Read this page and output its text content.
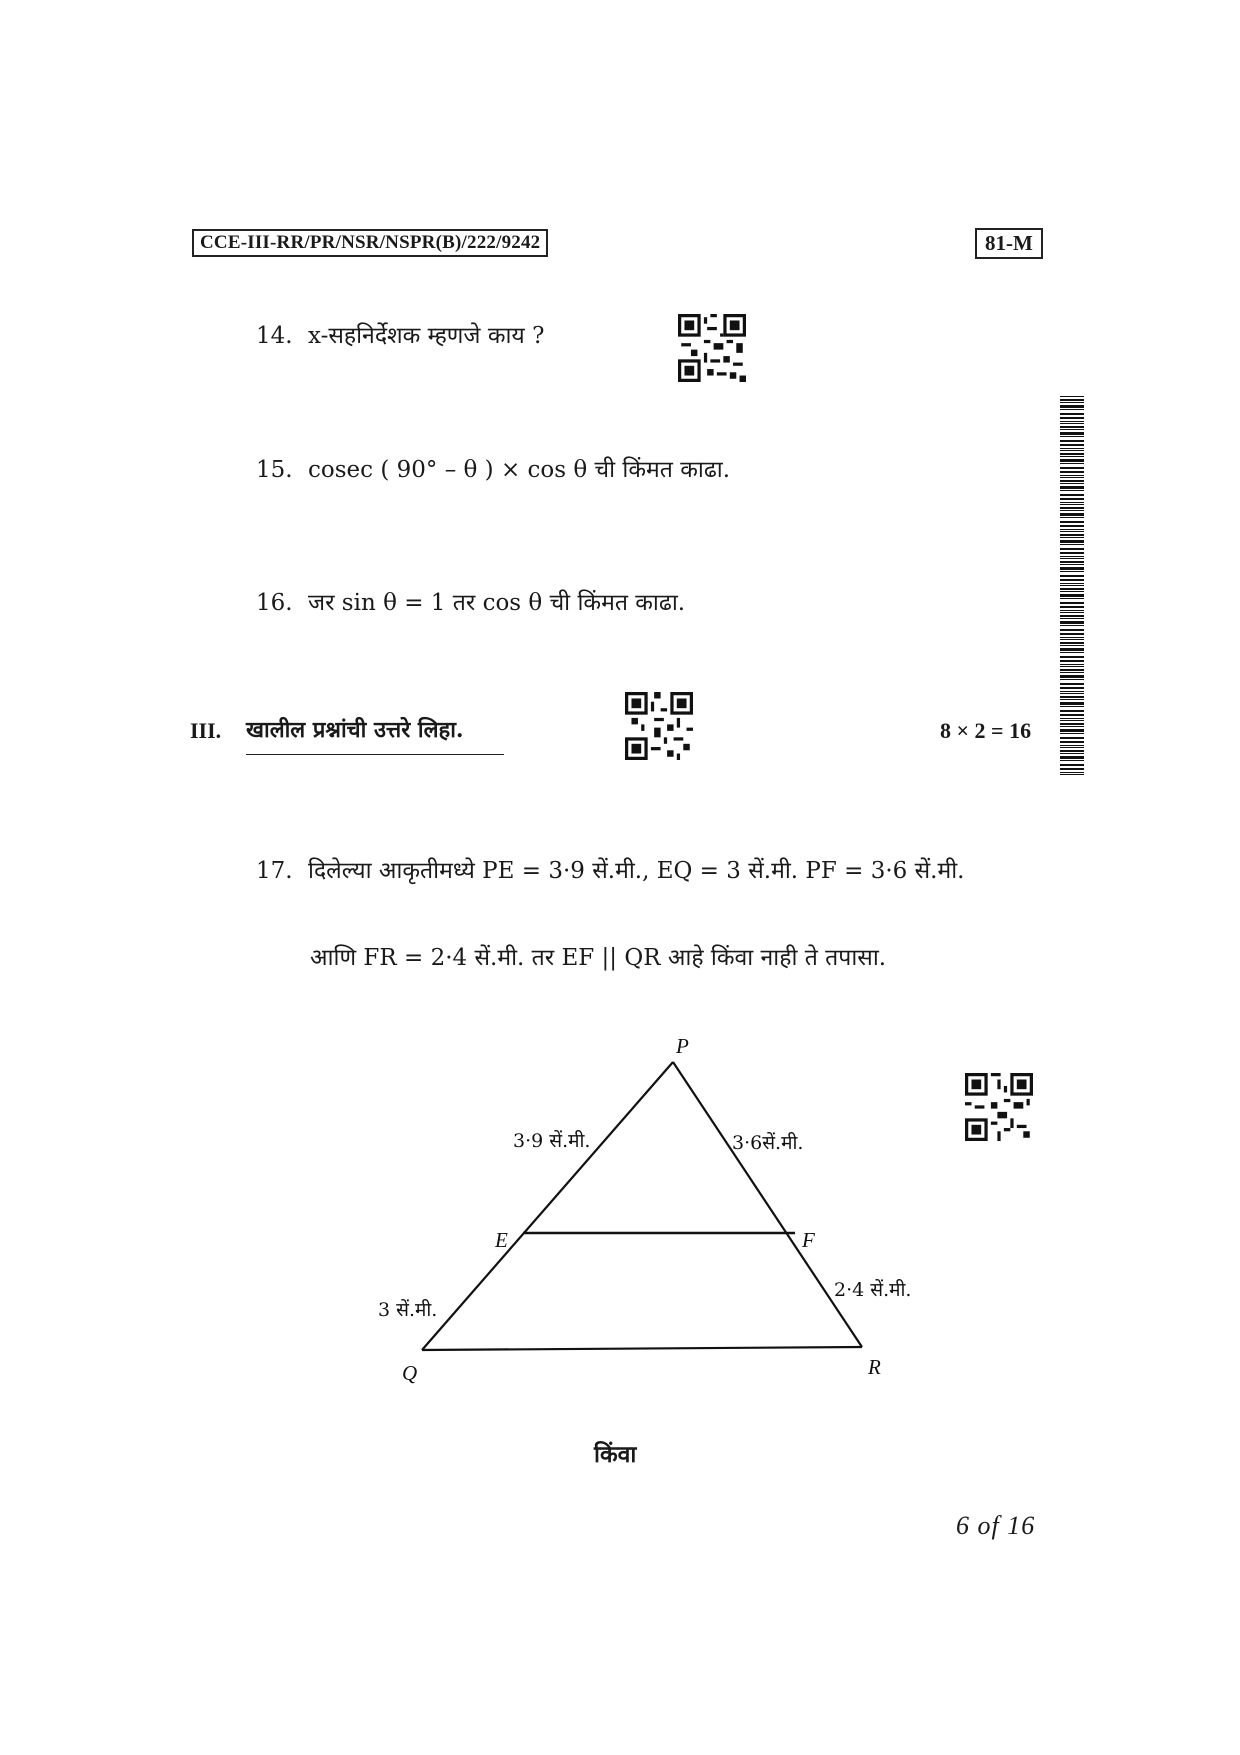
CCE-III-RR/PR/NSR/NSPR(B)/222/9242	81-M
14. x-सहनिर्देशक म्हणजे काय ?
15. cosec ( 90° – θ ) × cos θ ची किंमत काढा.
16. जर sin θ = 1 तर cos θ ची किंमत काढा.
III. खालील प्रश्नांची उत्तरे लिहा.	8 × 2 = 16
17. दिलेल्या आकृतीमध्ये PE = 3·9 सें.मी., EQ = 3 सें.मी. PF = 3·6 सें.मी.
आणि FR = 2·4 सें.मी. तर EF || QR आहे किंवा नाही ते तपासा.
P
E	F
Q	R
3·9 सें.मी.	3·6सें.मी.
3 सें.मी.
2·4 सें.मी.
किंवा
6 of 16
